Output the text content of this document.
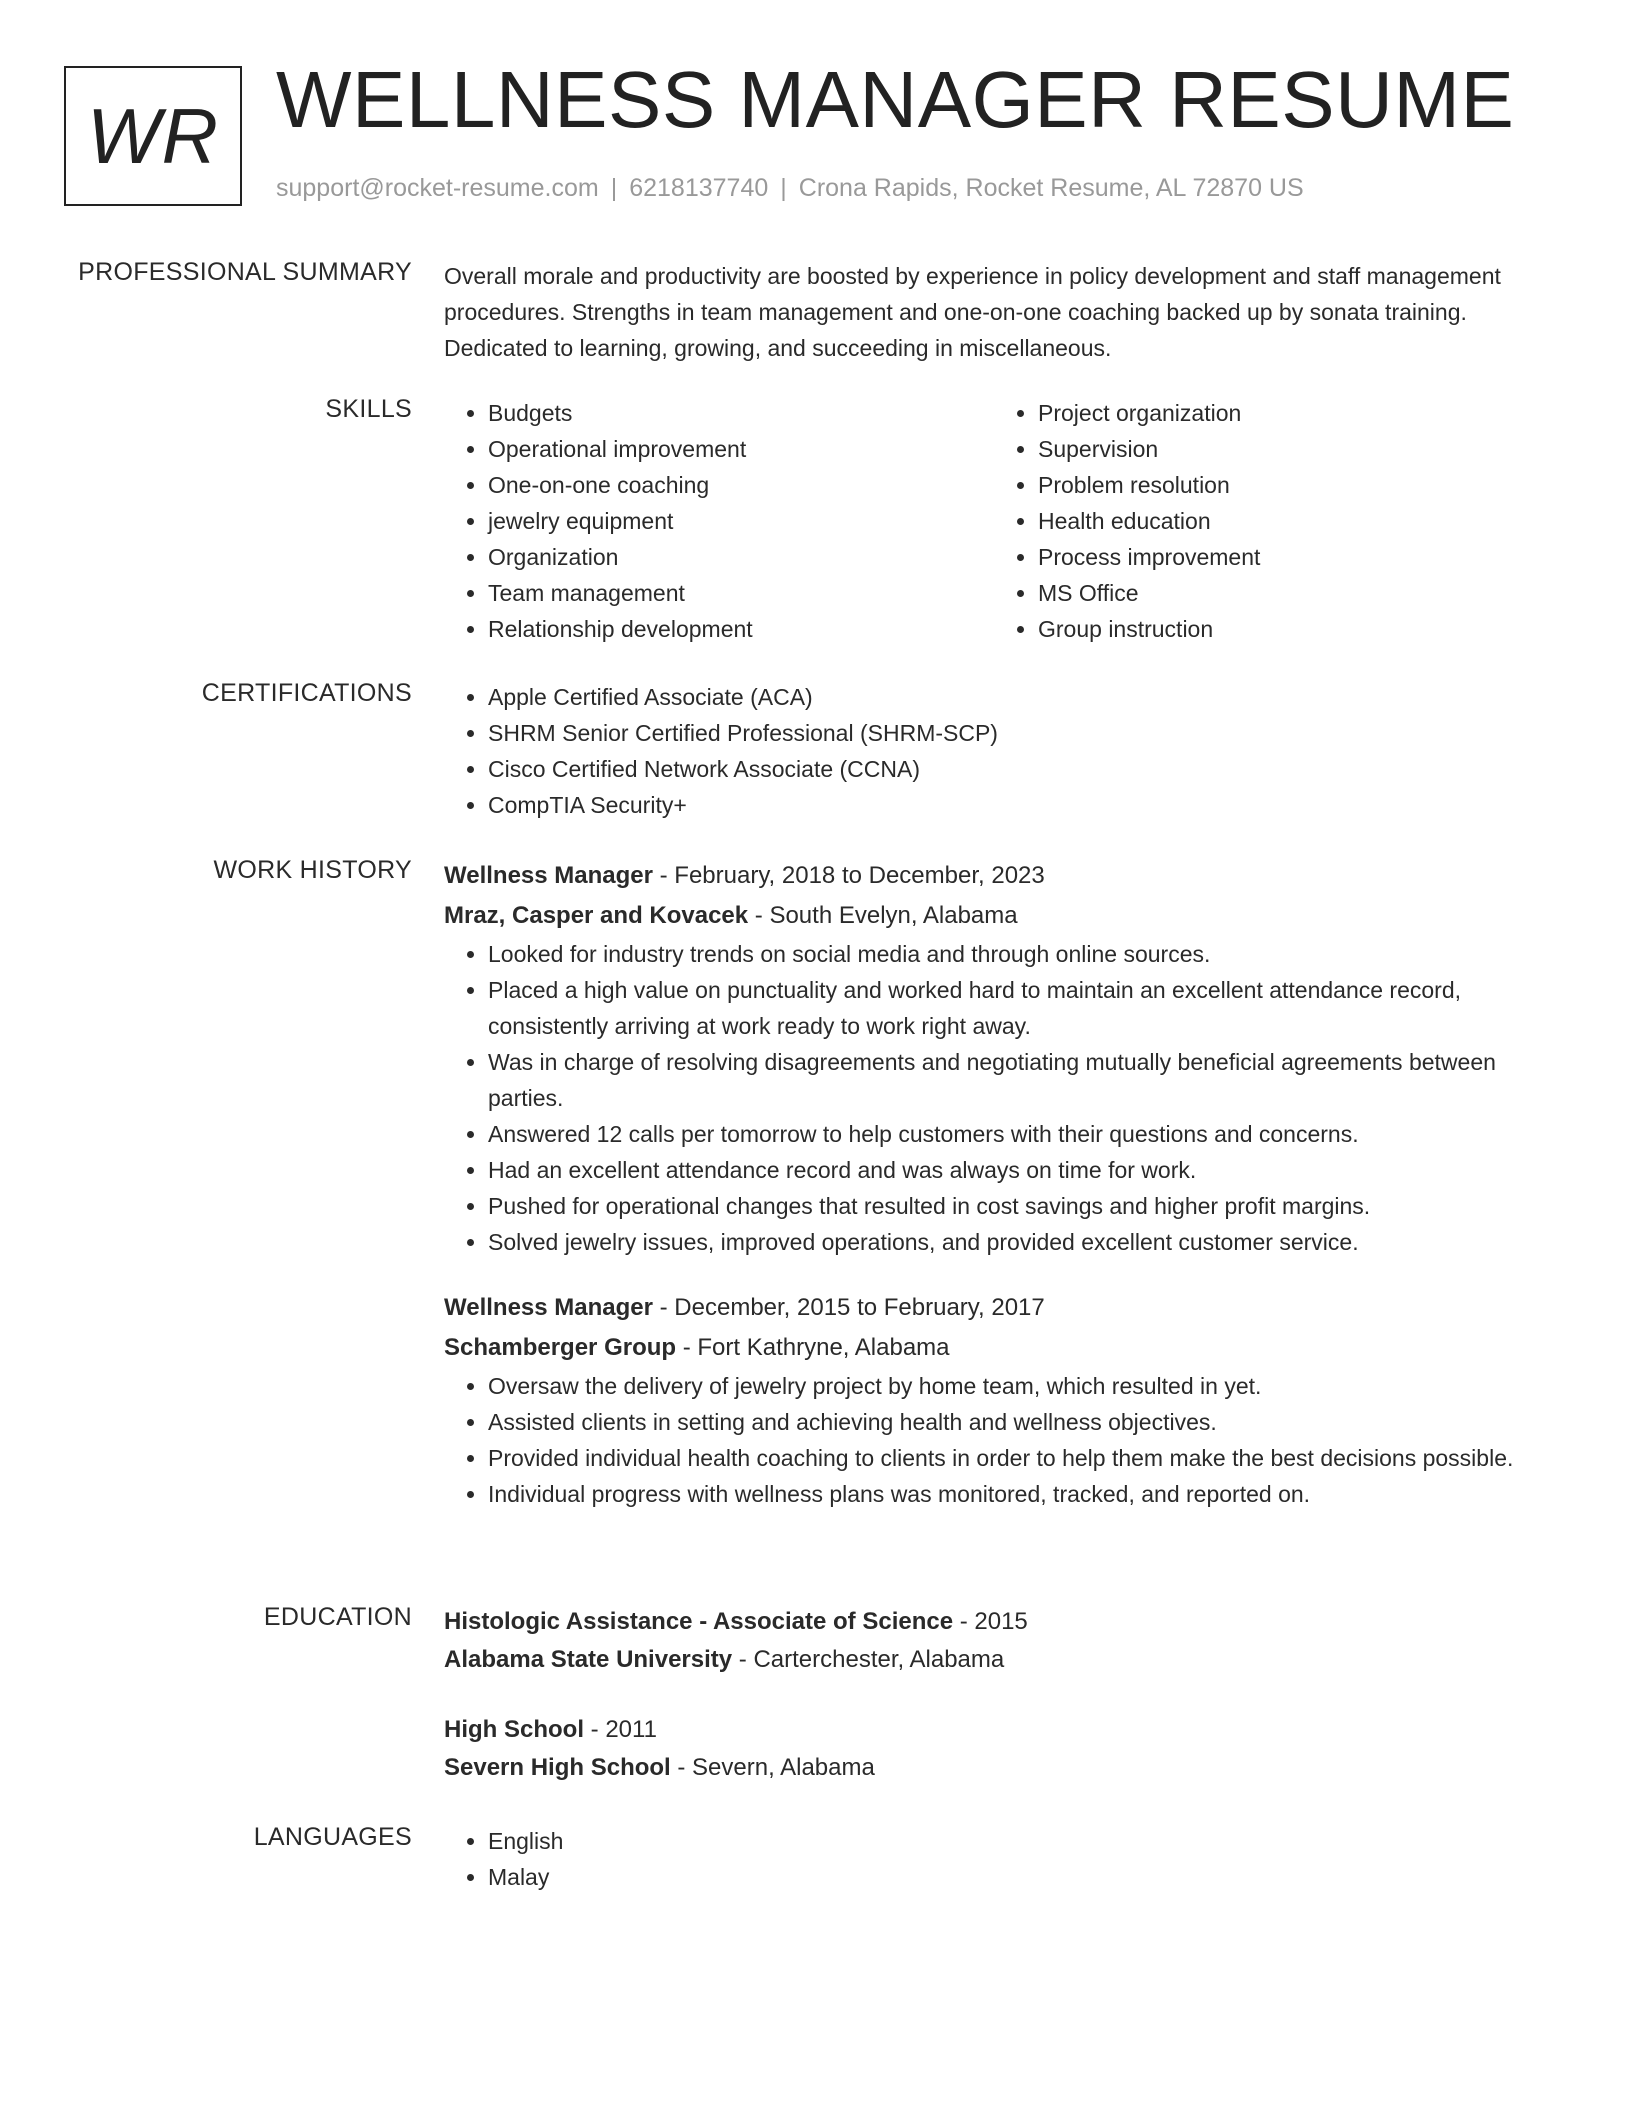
WR WELLNESS MANAGER RESUME
support@rocket-resume.com | 6218137740 | Crona Rapids, Rocket Resume, AL 72870 US
PROFESSIONAL SUMMARY Overall morale and productivity are boosted by experience in policy development and staff management procedures. Strengths in team management and one-on-one coaching backed up by sonata training. Dedicated to learning, growing, and succeeding in miscellaneous.

SKILLS	• Budgets
• Operational improvement
• One-on-one coaching
• jewelry equipment
• Organization
• Team management
• Relationship development
• Project organization
• Supervision
• Problem resolution
• Health education
• Process improvement
• MS Office
• Group instruction
CERTIFICATIONS	• Apple Certified Associate (ACA)
• SHRM Senior Certified Professional (SHRM-SCP)
• Cisco Certified Network Associate (CCNA)
• CompTIA Security+
WORK HISTORY Wellness Manager - February, 2018 to December, 2023
Mraz, Casper and Kovacek - South Evelyn, Alabama
• Looked for industry trends on social media and through online sources.
• Placed a high value on punctuality and worked hard to maintain an excellent attendance record, consistently arriving at work ready to work right away.
• Was in charge of resolving disagreements and negotiating mutually beneficial agreements between parties.
• Answered 12 calls per tomorrow to help customers with their questions and concerns.
• Had an excellent attendance record and was always on time for work.
• Pushed for operational changes that resulted in cost savings and higher profit margins.
• Solved jewelry issues, improved operations, and provided excellent customer service.
Wellness Manager - December, 2015 to February, 2017
Schamberger Group - Fort Kathryne, Alabama
• Oversaw the delivery of jewelry project by home team, which resulted in yet.
• Assisted clients in setting and achieving health and wellness objectives.
• Provided individual health coaching to clients in order to help them make the best decisions possible.
• Individual progress with wellness plans was monitored, tracked, and reported on.
EDUCATION Histologic Assistance - Associate of Science - 2015
Alabama State University - Carterchester, Alabama
High School - 2011
Severn High School - Severn, Alabama
LANGUAGES	• English
• Malay
